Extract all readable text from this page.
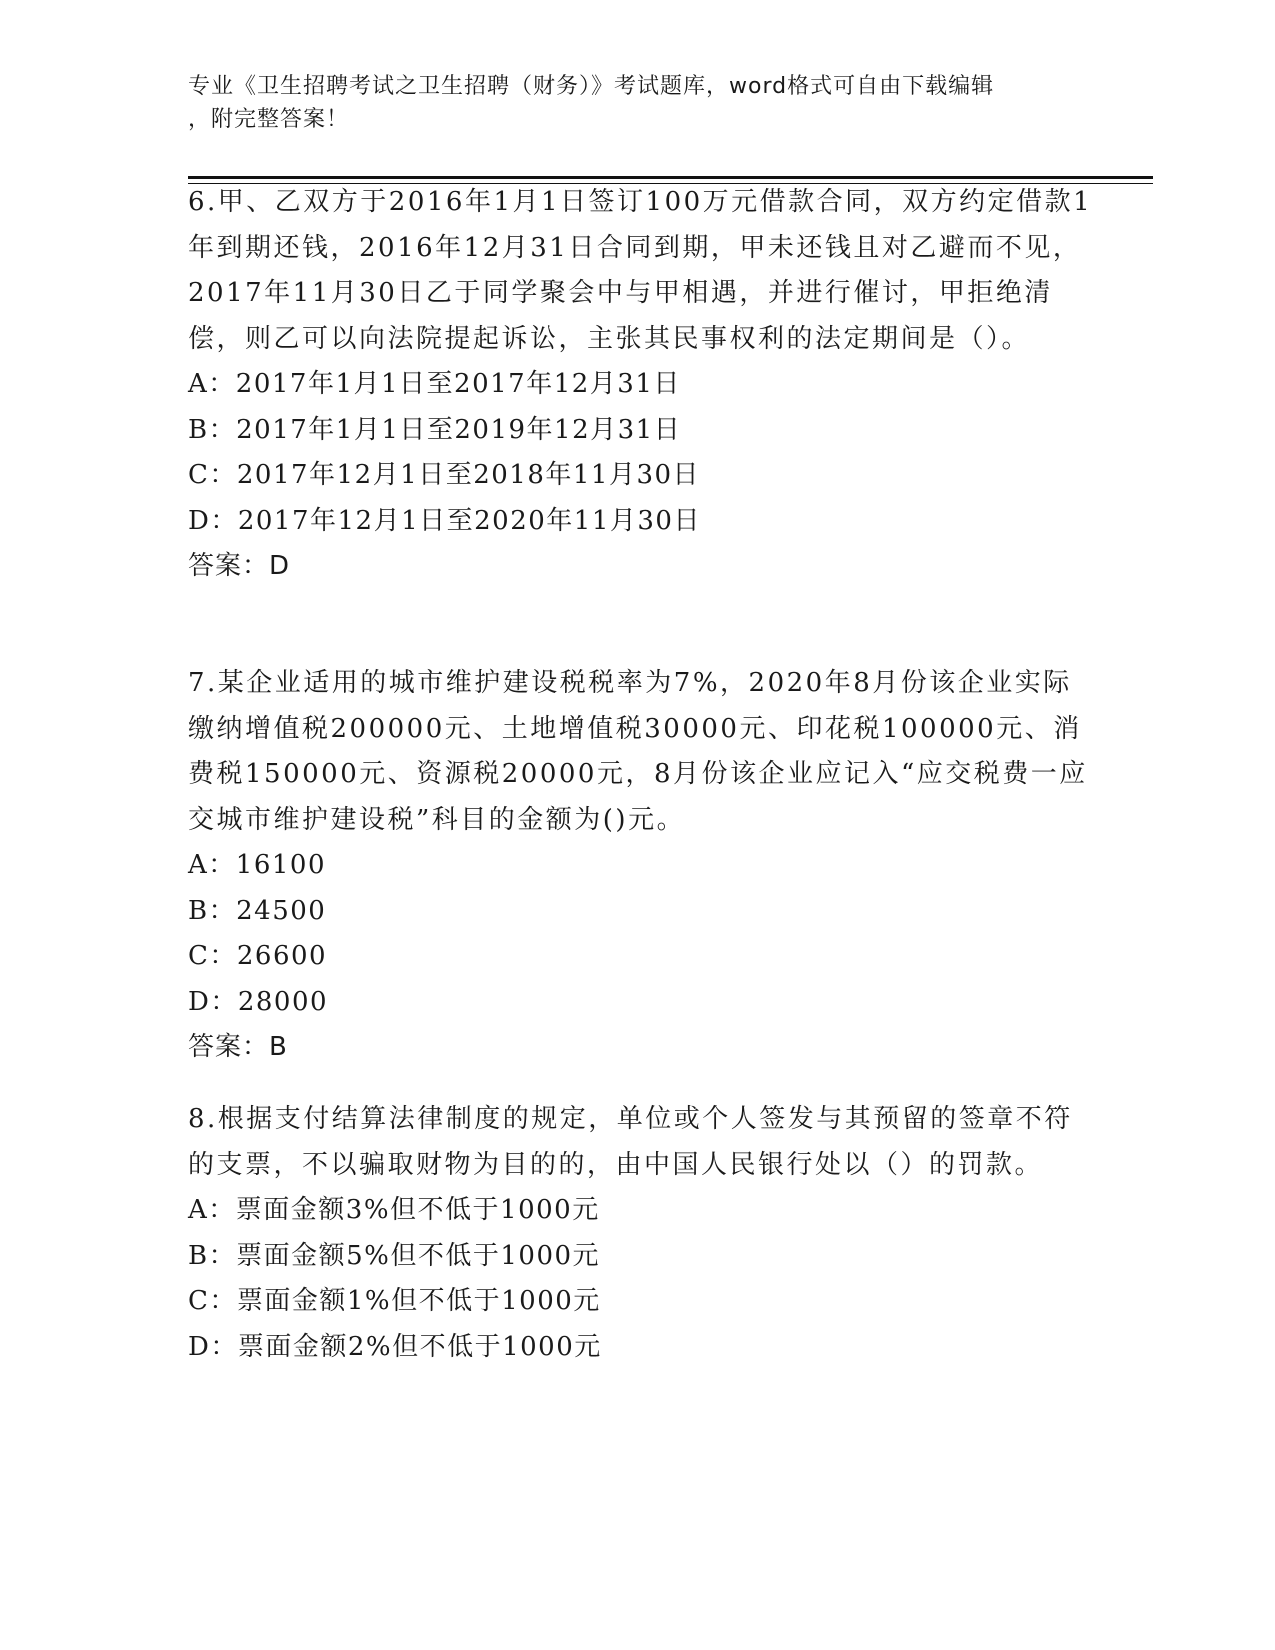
专业《卫生招聘考试之卫生招聘（财务）》考试题库，word格式可自由下载编辑
，附完整答案！
6.甲、乙双方于2016年1月1日签订100万元借款合同，双方约定借款1年到期还钱，2016年12月31日合同到期，甲未还钱且对乙避而不见，2017年11月30日乙于同学聚会中与甲相遇，并进行催讨，甲拒绝清偿，则乙可以向法院提起诉讼，主张其民事权利的法定期间是（）。
A：2017年1月1日至2017年12月31日
B：2017年1月1日至2019年12月31日
C：2017年12月1日至2018年11月30日
D：2017年12月1日至2020年11月30日
答案：D
7.某企业适用的城市维护建设税税率为7%，2020年8月份该企业实际缴纳增值税200000元、土地增值税30000元、印花税100000元、消费税150000元、资源税20000元，8月份该企业应记入“应交税费一应交城市维护建设税”科目的金额为()元。
A：16100
B：24500
C：26600
D：28000
答案：B
8.根据支付结算法律制度的规定，单位或个人签发与其预留的签章不符的支票，不以骗取财物为目的的，由中国人民银行处以（）的罚款。
A：票面金额3%但不低于1000元
B：票面金额5%但不低于1000元
C：票面金额1%但不低于1000元
D：票面金额2%但不低于1000元
